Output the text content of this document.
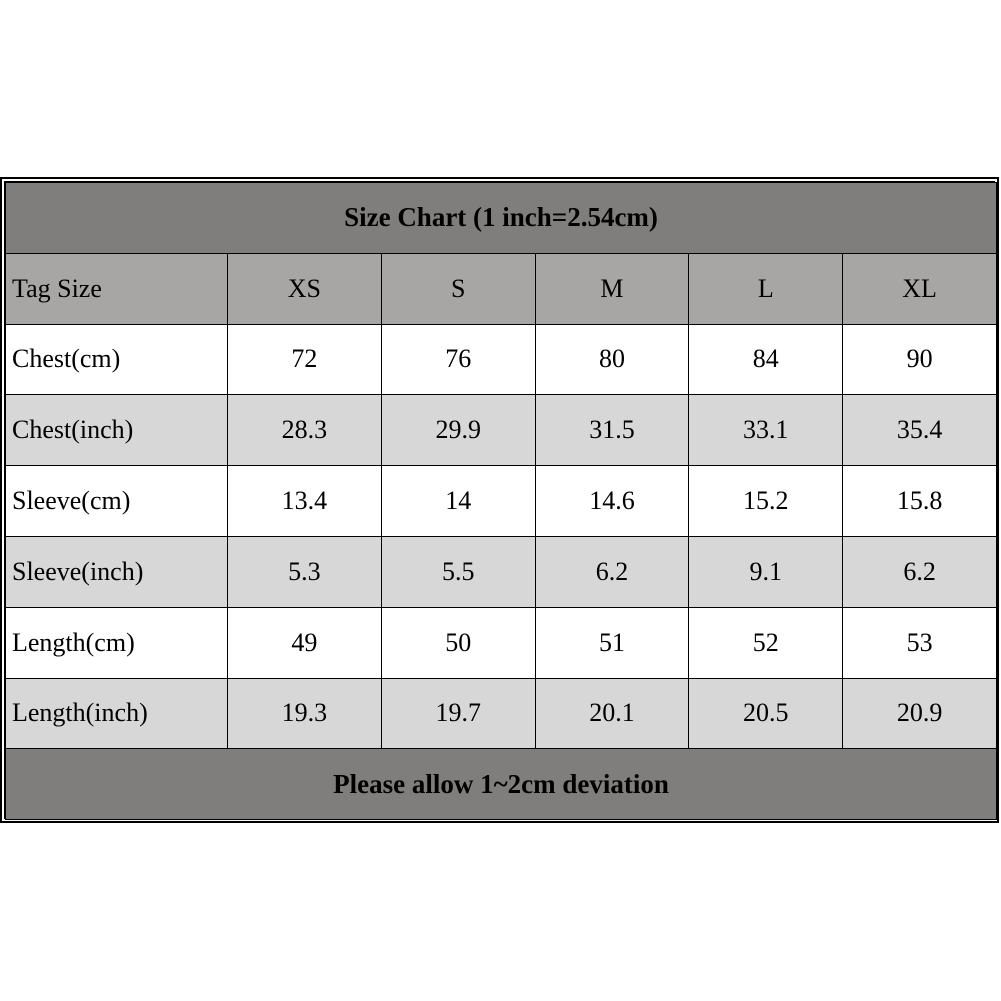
Size Chart (1 inch=2.54cm)					
Tag Size	XS	S	M	L	XL
Chest(cm)	72	76	80	84	90
Chest(inch)	28.3	29.9	31.5	33.1	35.4
Sleeve(cm)	13.4	14	14.6	15.2	15.8
Sleeve(inch)	5.3	5.5	6.2	9.1	6.2
Length(cm)	49	50	51	52	53
Length(inch)	19.3	19.7	20.1	20.5	20.9
Please allow 1~2cm deviation					
